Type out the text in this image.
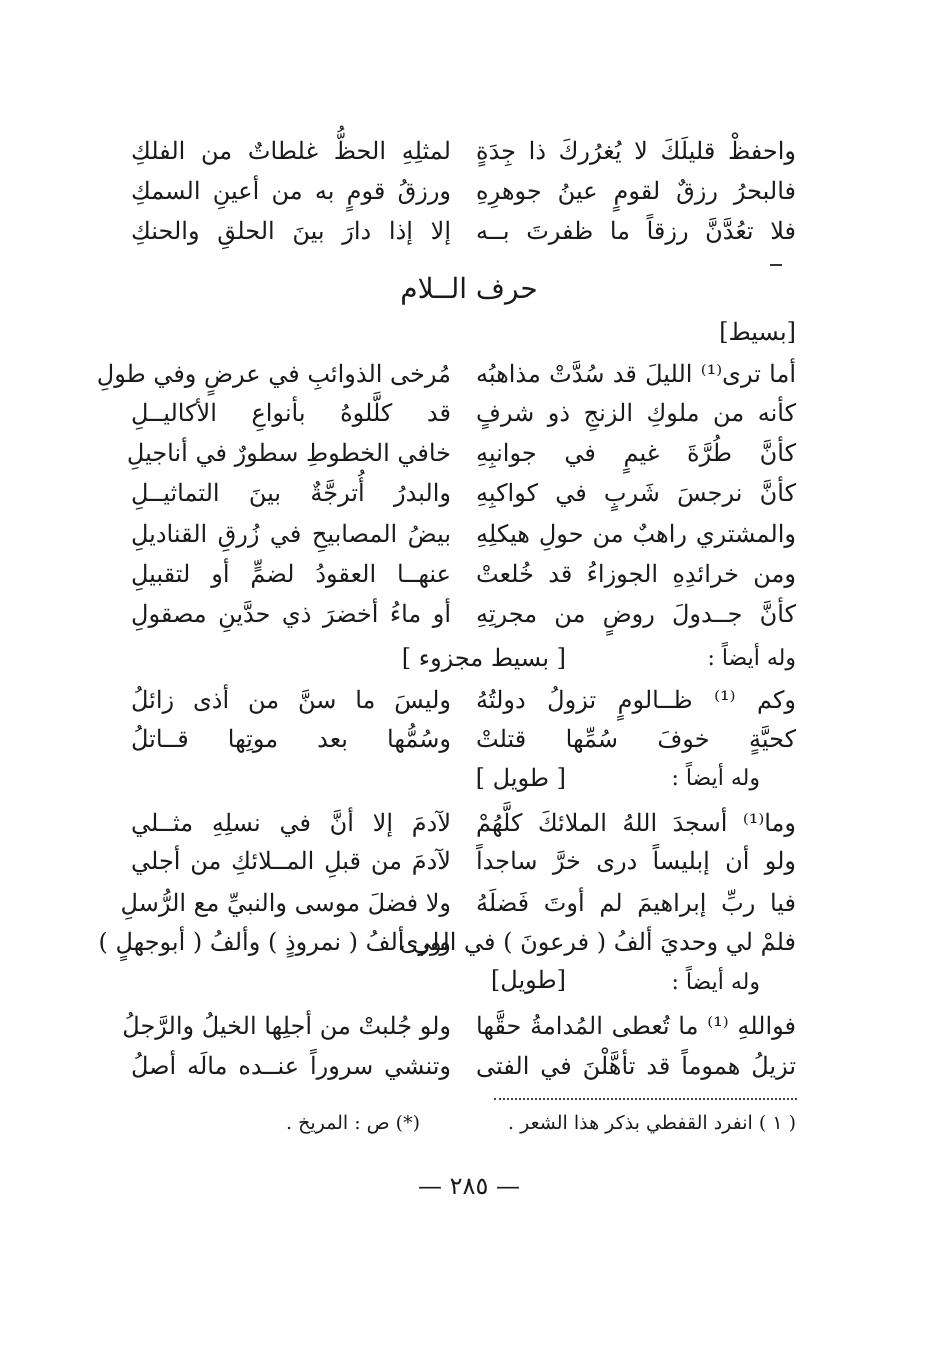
واحفظْ قليلَكَ لا يُغرُركَ ذا جِدَةٍ
لمثلِهِ الحظُّ غلطاتٌ من الفلكِ
فالبحرُ رزقٌ لقومٍ عينُ جوهرِهِ
ورزقُ قومٍ به من أعينِ السمكِ
فلا تعُدَّنَّ رزقاً ما ظفرتَ بــه
إلا إذا دارَ بينَ الحلقِ والحنكِ
حرف الــلام
[بسيط]
أما ترى⁽¹⁾ الليلَ قد سُدَّتْ مذاهبُه
مُرخى الذوائبِ في عرضٍ وفي طولِ
كأنه من ملوكِ الزنجِ ذو شرفٍ
قد كلَّلوهُ بأنواعِ الأكاليــلِ
كأنَّ طُرَّةَ غيمٍ في جوانبِهِ
خافي الخطوطِ سطورٌ في أناجيلِ
كأنَّ نرجسَ شَربٍ في كواكبِهِ
والبدرُ أُترجَّةٌ بينَ التماثيــلِ
والمشتري راهبٌ من حولِ هيكلِهِ
بيضُ المصابيحِ في زُرقِ القناديلِ
ومن خرائدِهِ الجوزاءُ قد خُلعتْ
عنهــا العقودُ لضمٍّ أو لتقبيلِ
كأنَّ جــدولَ روضٍ من مجرتِهِ
أو ماءُ أخضرَ ذي حدَّينِ مصقولِ
وله أيضاً :
[ بسيط مجزوء ]
وكم ⁽¹⁾ ظــالومٍ تزولُ دولتُهُ
وليسَ ما سنَّ من أذى زائلُ
كحيَّةٍ خوفَ سُمِّها قتلتْ
وسُمُّها بعد موتِها قــاتلُ
وله أيضاً :
[ طويل ]
وما⁽¹⁾ أسجدَ اللهُ الملائكَ كلَّهُمْ
لآدمَ إلا أنَّ في نسلِهِ مثــلي
ولو أن إبليساً درى خرَّ ساجداً
لآدمَ من قبلِ المــلائكِ من أجلي
فيا ربِّ إبراهيمَ لم أوتَ فَضلَهُ
ولا فضلَ موسى والنبيِّ مع الرُّسلِ
فلمْ لي وحديَ ألفُ ( فرعونَ ) في الورى
ولي ألفُ ( نمروذٍ ) وألفُ ( أبوجهلٍ )
وله أيضاً :
[طويل]
فواللهِ ⁽¹⁾ ما تُعطى المُدامةُ حقَّها
ولو جُلبتْ من أجلِها الخيلُ والرَّجلُ
تزيلُ هموماً قد تأهَّلْنَ في الفتى
وتنشي سروراً عنــده مالَه أصلُ
( ١ ) انفرد القفطي بذكر هذا الشعر .
(*) ص : المريخ .
— ٢٨٥ —
